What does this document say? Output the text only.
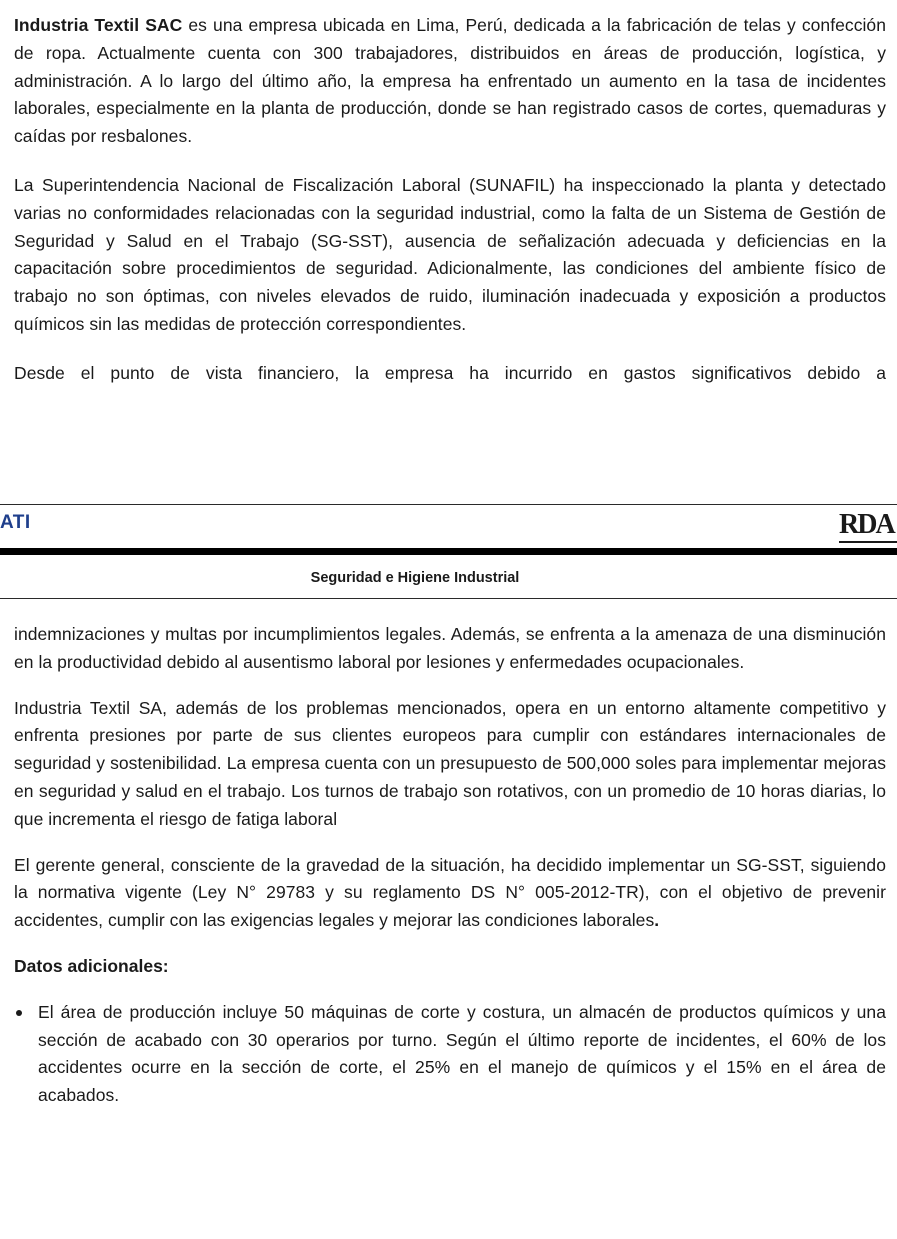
Industria Textil SAC es una empresa ubicada en Lima, Perú, dedicada a la fabricación de telas y confección de ropa. Actualmente cuenta con 300 trabajadores, distribuidos en áreas de producción, logística, y administración. A lo largo del último año, la empresa ha enfrentado un aumento en la tasa de incidentes laborales, especialmente en la planta de producción, donde se han registrado casos de cortes, quemaduras y caídas por resbalones.

La Superintendencia Nacional de Fiscalización Laboral (SUNAFIL) ha inspeccionado la planta y detectado varias no conformidades relacionadas con la seguridad industrial, como la falta de un Sistema de Gestión de Seguridad y Salud en el Trabajo (SG-SST), ausencia de señalización adecuada y deficiencias en la capacitación sobre procedimientos de seguridad. Adicionalmente, las condiciones del ambiente físico de trabajo no son óptimas, con niveles elevados de ruido, iluminación inadecuada y exposición a productos químicos sin las medidas de protección correspondientes.

Desde el punto de vista financiero, la empresa ha incurrido en gastos significativos debido a

ATI	RDA
Seguridad e Higiene Industrial

indemnizaciones y multas por incumplimientos legales. Además, se enfrenta a la amenaza de una disminución en la productividad debido al ausentismo laboral por lesiones y enfermedades ocupacionales.

Industria Textil SA, además de los problemas mencionados, opera en un entorno altamente competitivo y enfrenta presiones por parte de sus clientes europeos para cumplir con estándares internacionales de seguridad y sostenibilidad. La empresa cuenta con un presupuesto de 500,000 soles para implementar mejoras en seguridad y salud en el trabajo. Los turnos de trabajo son rotativos, con un promedio de 10 horas diarias, lo que incrementa el riesgo de fatiga laboral

El gerente general, consciente de la gravedad de la situación, ha decidido implementar un SG-SST, siguiendo la normativa vigente (Ley N° 29783 y su reglamento DS N° 005-2012-TR), con el objetivo de prevenir accidentes, cumplir con las exigencias legales y mejorar las condiciones laborales.

Datos adicionales:

El área de producción incluye 50 máquinas de corte y costura, un almacén de productos químicos y una sección de acabado con 30 operarios por turno. Según el último reporte de incidentes, el 60% de los accidentes ocurre en la sección de corte, el 25% en el manejo de químicos y el 15% en el área de acabados.
